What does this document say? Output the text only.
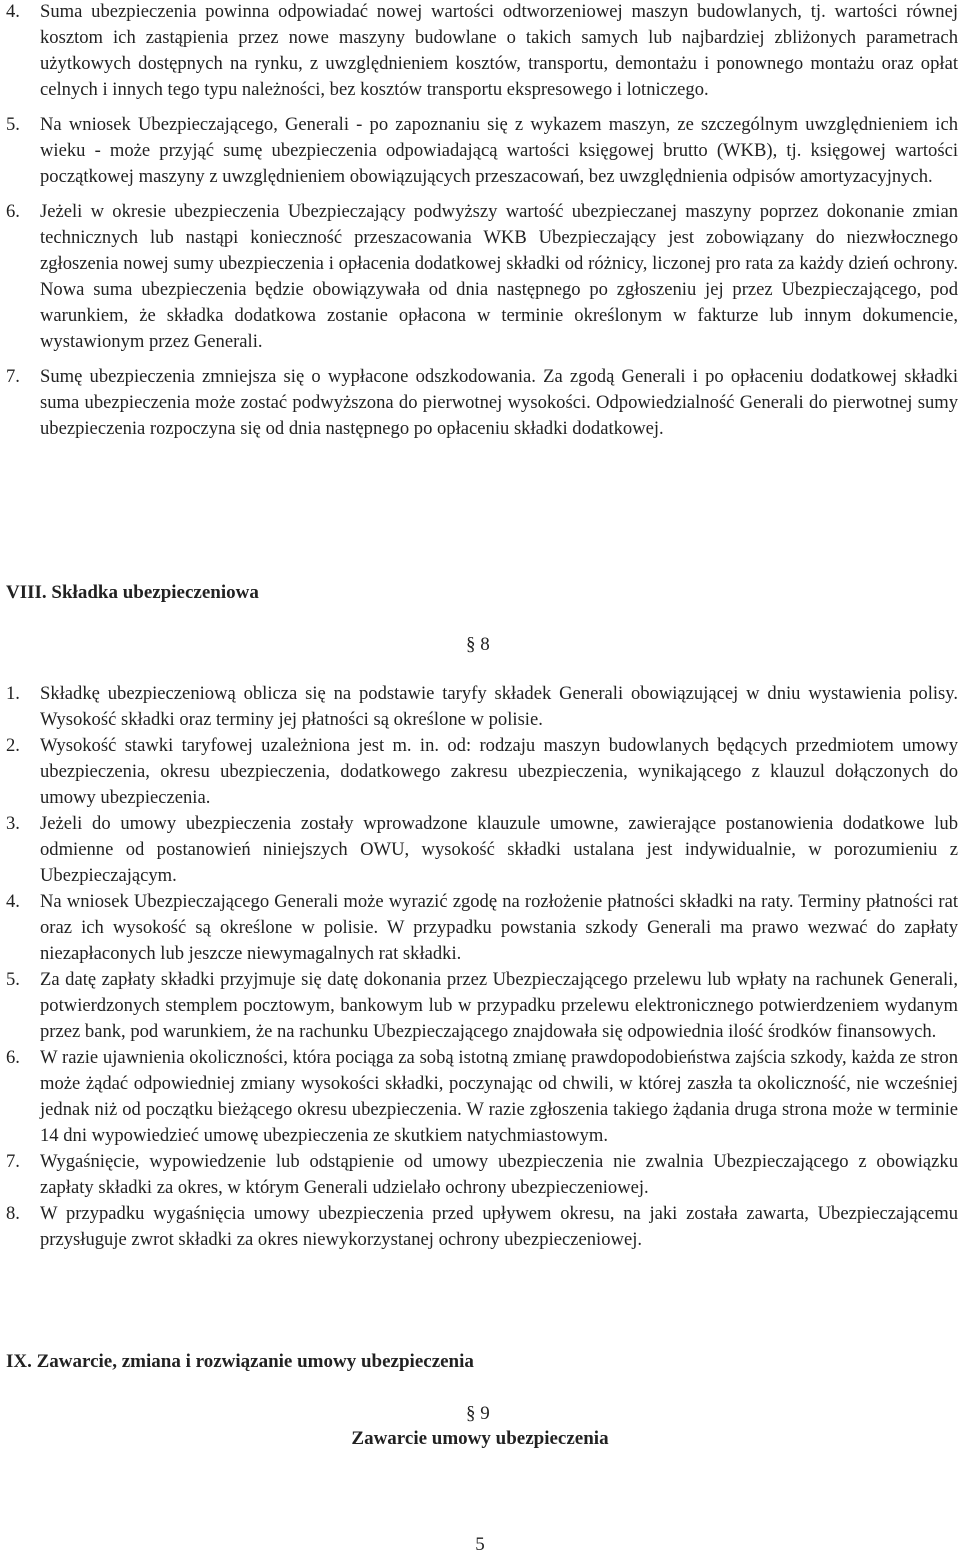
4. Suma ubezpieczenia powinna odpowiadać nowej wartości odtworzeniowej maszyn budowlanych, tj. wartości równej kosztom ich zastąpienia przez nowe maszyny budowlane o takich samych lub najbardziej zbliżonych parametrach użytkowych dostępnych na rynku, z uwzględnieniem kosztów, transportu, demontażu i ponownego montażu oraz opłat celnych i innych tego typu należności, bez kosztów transportu ekspresowego i lotniczego.
5. Na wniosek Ubezpieczającego, Generali - po zapoznaniu się z wykazem maszyn, ze szczególnym uwzględnieniem ich wieku - może przyjąć sumę ubezpieczenia odpowiadającą wartości księgowej brutto (WKB), tj. księgowej wartości początkowej maszyny z uwzględnieniem obowiązujących przeszacowań, bez uwzględnienia odpisów amortyzacyjnych.
6. Jeżeli w okresie ubezpieczenia Ubezpieczający podwyższy wartość ubezpieczanej maszyny poprzez dokonanie zmian technicznych lub nastąpi konieczność przeszacowania WKB Ubezpieczający jest zobowiązany do niezwłocznego zgłoszenia nowej sumy ubezpieczenia i opłacenia dodatkowej składki od różnicy, liczonej pro rata za każdy dzień ochrony. Nowa suma ubezpieczenia będzie obowiązywała od dnia następnego po zgłoszeniu jej przez Ubezpieczającego, pod warunkiem, że składka dodatkowa zostanie opłacona w terminie określonym w fakturze lub innym dokumencie, wystawionym przez Generali.
7. Sumę ubezpieczenia zmniejsza się o wypłacone odszkodowania. Za zgodą Generali i po opłaceniu dodatkowej składki suma ubezpieczenia może zostać podwyższona do pierwotnej wysokości. Odpowiedzialność Generali do pierwotnej sumy ubezpieczenia rozpoczyna się od dnia następnego po opłaceniu składki dodatkowej.
VIII. Składka ubezpieczeniowa
§ 8
1. Składkę ubezpieczeniową oblicza się na podstawie taryfy składek Generali obowiązującej w dniu wystawienia polisy. Wysokość składki oraz terminy jej płatności są określone w polisie.
2. Wysokość stawki taryfowej uzależniona jest m. in. od: rodzaju maszyn budowlanych będących przedmiotem umowy ubezpieczenia, okresu ubezpieczenia, dodatkowego zakresu ubezpieczenia, wynikającego z klauzul dołączonych do umowy ubezpieczenia.
3. Jeżeli do umowy ubezpieczenia zostały wprowadzone klauzule umowne, zawierające postanowienia dodatkowe lub odmienne od postanowień niniejszych OWU, wysokość składki ustalana jest indywidualnie, w porozumieniu z Ubezpieczającym.
4. Na wniosek Ubezpieczającego Generali może wyrazić zgodę na rozłożenie płatności składki na raty. Terminy płatności rat oraz ich wysokość są określone w polisie. W przypadku powstania szkody Generali ma prawo wezwać do zapłaty niezapłaconych lub jeszcze niewymagalnych rat składki.
5. Za datę zapłaty składki przyjmuje się datę dokonania przez Ubezpieczającego przelewu lub wpłaty na rachunek Generali, potwierdzonych stemplem pocztowym, bankowym lub w przypadku przelewu elektronicznego potwierdzeniem wydanym przez bank, pod warunkiem, że na rachunku Ubezpieczającego znajdowała się odpowiednia ilość środków finansowych.
6. W razie ujawnienia okoliczności, która pociąga za sobą istotną zmianę prawdopodobieństwa zajścia szkody, każda ze stron może żądać odpowiedniej zmiany wysokości składki, poczynając od chwili, w której zaszła ta okoliczność, nie wcześniej jednak niż od początku bieżącego okresu ubezpieczenia. W razie zgłoszenia takiego żądania druga strona może w terminie 14 dni wypowiedzieć umowę ubezpieczenia ze skutkiem natychmiastowym.
7. Wygaśnięcie, wypowiedzenie lub odstąpienie od umowy ubezpieczenia nie zwalnia Ubezpieczającego z obowiązku zapłaty składki za okres, w którym Generali udzielało ochrony ubezpieczeniowej.
8. W przypadku wygaśnięcia umowy ubezpieczenia przed upływem okresu, na jaki została zawarta, Ubezpieczającemu przysługuje zwrot składki za okres niewykorzystanej ochrony ubezpieczeniowej.
IX. Zawarcie, zmiana i rozwiązanie umowy ubezpieczenia
§ 9
Zawarcie umowy ubezpieczenia
5
